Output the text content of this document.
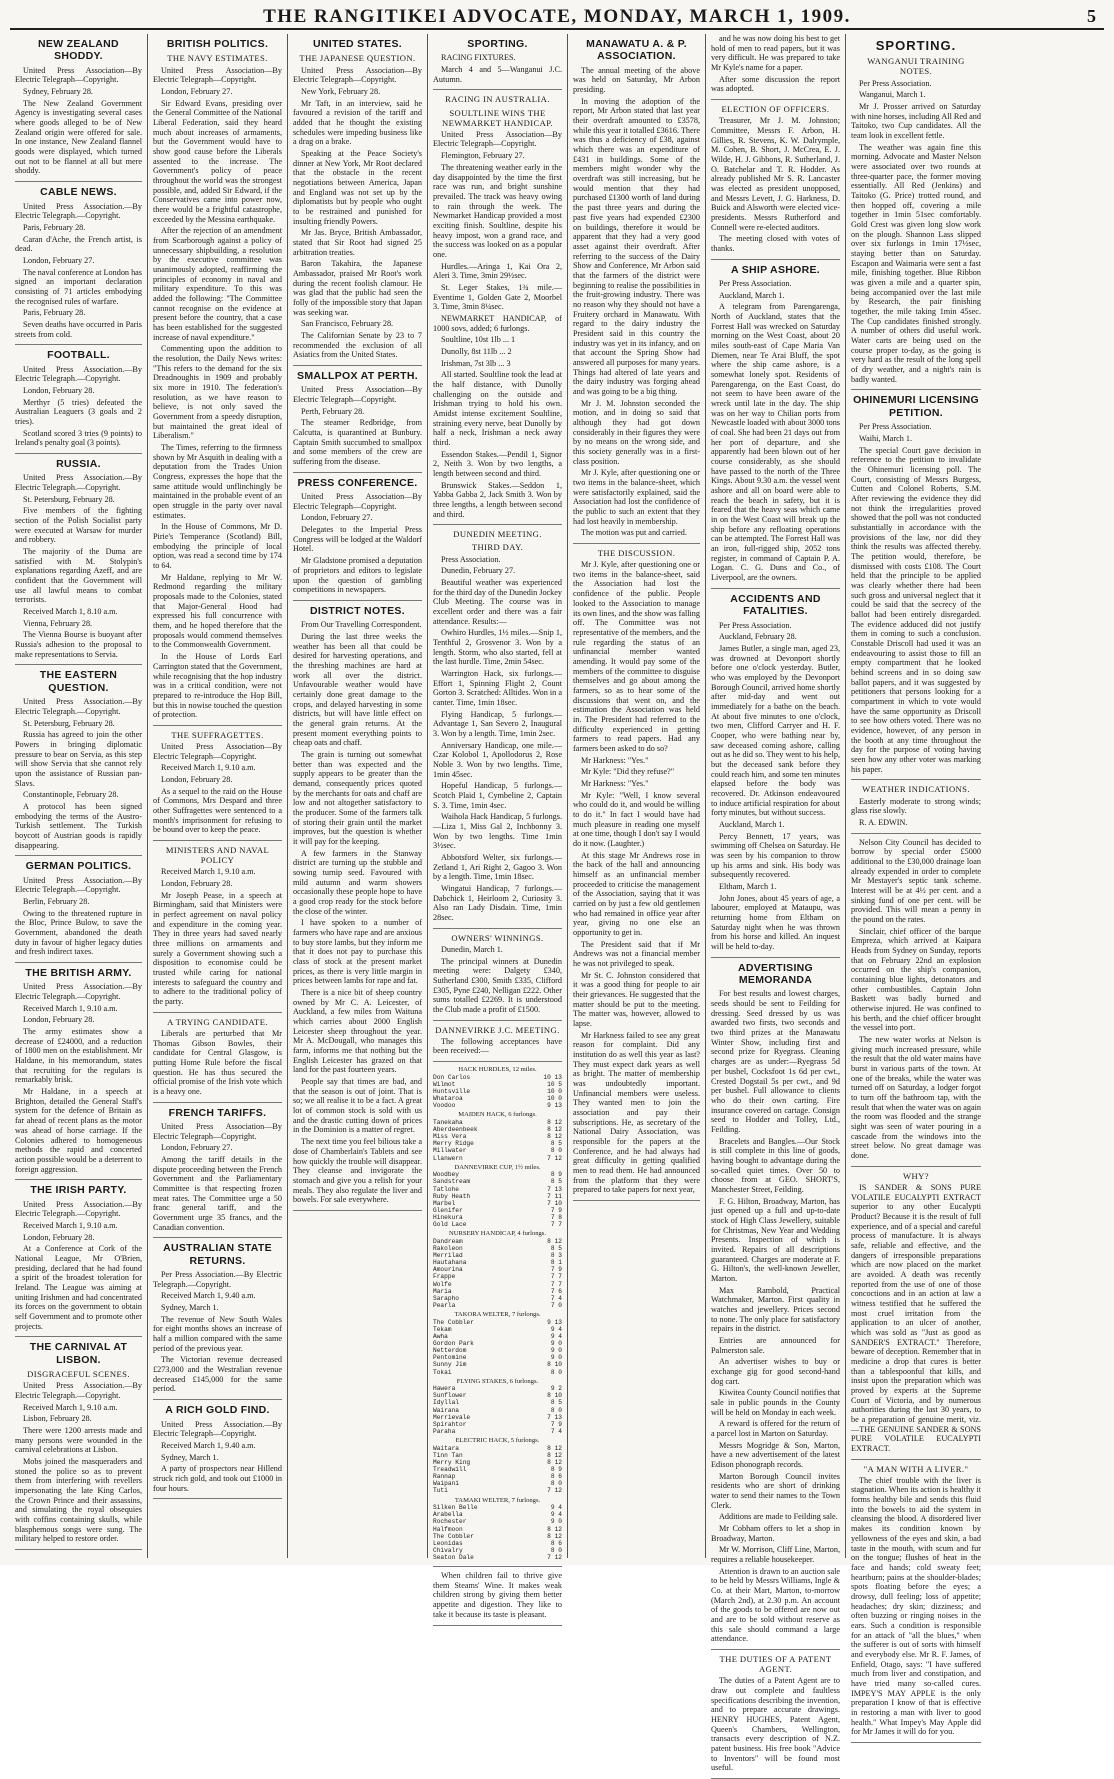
THE RANGITIKEI ADVOCATE, MONDAY, MARCH 1, 1909.	5
NEW ZEALAND SHODDY.

United Press Association—By Electric Telegraph—Copyright.

Sydney, February 28.

The New Zealand Government Agency is investigating several cases where goods alleged to be of New Zealand origin were offered for sale. In one instance, New Zealand flannel goods were displayed, which turned out not to be flannel at all but mere shoddy.

CABLE NEWS.

United Press Association.—By Electric Telegraph.—Copyright.

Paris, February 28.

Caran d'Ache, the French artist, is dead.

London, February 27.

The naval conference at London has signed an important declaration consisting of 71 articles embodying the recognised rules of warfare.

Paris, February 28.

Seven deaths have occurred in Paris streets from cold.

FOOTBALL.

United Press Association.—By Electric Telegraph.—Copyright.

London, February 28.

Merthyr (5 tries) defeated the Australian Leaguers (3 goals and 2 tries).

Scotland scored 3 tries (9 points) to Ireland's penalty goal (3 points).

RUSSIA.

United Press Association.—By Electric Telegraph.—Copyright.

St. Petersburg, February 28.

Five members of the fighting section of the Polish Socialist party were executed at Warsaw for murder and robbery.

The majority of the Duma are satisfied with M. Stolypin's explanations regarding Azeff, and are confident that the Government will use all lawful means to combat terrorists.

Received March 1, 8.10 a.m.

Vienna, February 28.

The Vienna Bourse is buoyant after Russia's adhesion to the proposal to make representations to Servia.

THE EASTERN QUESTION.

United Press Association.—By Electric Telegraph.—Copyright.

St. Petersburg, February 28.

Russia has agreed to join the other Powers in bringing diplomatic pressure to bear on Servia, as this step will show Servia that she cannot rely upon the assistance of Russian pan-Slavs.

Constantinople, February 28.

A protocol has been signed embodying the terms of the Austro-Turkish settlement. The Turkish boycott of Austrian goods is rapidly disappearing.

GERMAN POLITICS.

United Press Association.—By Electric Telegraph.—Copyright.

Berlin, February 28.

Owing to the threatened rupture in the Bloc, Prince Bulow, to save the Government, abandoned the death duty in favour of higher legacy duties and fresh indirect taxes.

THE BRITISH ARMY.

United Press Association.—By Electric Telegraph.—Copyright.

Received March 1, 9.10 a.m.

London, February 28.

The army estimates show a decrease of £24000, and a reduction of 1800 men on the establishment. Mr Haldane, in his memorandum, states that recruiting for the regulars is remarkably brisk.

Mr Haldane, in a speech at Brighton, detailed the General Staff's system for the defence of Britain as far ahead of recent plans as the motor was ahead of horse carriage. If the Colonies adhered to homogeneous methods the rapid and concerted action possible would be a deterrent to foreign aggression.

THE IRISH PARTY.

United Press Association.—By Electric Telegraph.—Copyright.

Received March 1, 9.10 a.m.

London, February 28.

At a Conference at Cork of the National League, Mr O'Brien, presiding, declared that he had found a spirit of the broadest toleration for Ireland. The League was aiming at uniting Irishmen and had concentrated its forces on the government to obtain self Government and to promote other projects.

THE CARNIVAL AT LISBON.
DISGRACEFUL SCENES.

United Press Association.—By Electric Telegraph.—Copyright.

Received March 1, 9.10 a.m.

Lisbon, February 28.

There were 1200 arrests made and many persons were wounded in the carnival celebrations at Lisbon.

Mobs joined the masqueraders and stoned the police so as to prevent them from interfering with revellers impersonating the late King Carlos, the Crown Prince and their assassins, and simulating the royal obsequies with coffins containing skulls, while blasphemous songs were sung. The military helped to restore order.

BRITISH POLITICS.
THE NAVY ESTIMATES.

United Press Association—By Electric Telegraph—Copyright.

London, February 27.

Sir Edward Evans, presiding over the General Committee of the National Liberal Federation, said they heard much about increases of armaments, but the Government would have to show good cause before the Liberals assented to the increase. The Government's policy of peace throughout the world was the strongest possible, and, added Sir Edward, if the Conservatives came into power now, there would be a frightful catastrophe, exceeded by the Messina earthquake.

After the rejection of an amendment from Scarborough against a policy of unnecessary shipbuilding, a resolution by the executive committee was unanimously adopted, reaffirming the principles of economy in naval and military expenditure. To this was added the following: "The Committee cannot recognise on the evidence at present before the country, that a case has been established for the suggested increase of naval expenditure."

Commenting upon the addition to the resolution, the Daily News writes: "This refers to the demand for the six Dreadnoughts in 1909 and probably six more in 1910. The federation's resolution, as we have reason to believe, is not only saved the Government from a speedy disruption, but maintained the great ideal of Liberalism."

The Times, referring to the firmness shown by Mr Asquith in dealing with a deputation from the Trades Union Congress, expresses the hope that the same attitude would unflinchingly be maintained in the probable event of an open struggle in the party over naval estimates.

In the House of Commons, Mr D. Pirie's Temperance (Scotland) Bill, embodying the principle of local option, was read a second time by 174 to 64.

Mr Haldane, replying to Mr W. Redmond regarding the military proposals made to the Colonies, stated that Major-General Hood had expressed his full concurrence with them, and he hoped therefore that the proposals would commend themselves to the Commonwealth Government.

In the House of Lords Earl Carrington stated that the Government, while recognising that the hop industry was in a critical condition, were not prepared to re-introduce the Hop Bill, but this in nowise touched the question of protection.

THE SUFFRAGETTES.

United Press Association—By Electric Telegraph—Copyright.

Received March 1, 9.10 a.m.

London, February 28.

As a sequel to the raid on the House of Commons, Mrs Despard and three other Suffragettes were sentenced to a month's imprisonment for refusing to be bound over to keep the peace.

MINISTERS AND NAVAL POLICY

Received March 1, 9.10 a.m.

London, February 28.

Mr Joseph Pease, in a speech at Birmingham, said that Ministers were in perfect agreement on naval policy and expenditure in the coming year. They in three years had saved nearly three millions on armaments and surely a Government showing such a disposition to economise could be trusted while caring for national interests to safeguard the country and to adhere to the traditional policy of the party.

A TRYING CANDIDATE.

Liberals are perturbed that Mr Thomas Gibson Bowles, their candidate for Central Glasgow, is putting Home Rule before the fiscal question. He has thus secured the official promise of the Irish vote which is a heavy one.

FRENCH TARIFFS.

United Press Association—By Electric Telegraph—Copyright.

London, February 27.

Among the tariff details in the dispute proceeding between the French Government and the Parliamentary Committee is that respecting frozen meat rates. The Committee urge a 50 franc general tariff, and the Government urge 35 francs, and the Canadian convention.

AUSTRALIAN STATE RETURNS.

Per Press Association.—By Electric Telegraph.—Copyright.

Received March 1, 9.40 a.m.

Sydney, March 1.

The revenue of New South Wales for eight months shows an increase of half a million compared with the same period of the previous year.

The Victorian revenue decreased £273,000 and the Westralian revenue decreased £145,000 for the same period.

A RICH GOLD FIND.

United Press Association.—By Electric Telegraph—Copyright.

Received March 1, 9.40 a.m.

Sydney, March 1.

A party of prospectors near Hillend struck rich gold, and took out £1000 in four hours.

UNITED STATES.
THE JAPANESE QUESTION.

United Press Association—By Electric Telegraph—Copyright.

New York, February 28.

Mr Taft, in an interview, said he favoured a revision of the tariff and added that he thought the existing schedules were impeding business like a drag on a brake.

Speaking at the Peace Society's dinner at New York, Mr Root declared that the obstacle in the recent negotiations between America, Japan and England was not set up by the diplomatists but by people who ought to be restrained and punished for insulting friendly Powers.

Mr Jas. Bryce, British Ambassador, stated that Sir Root had signed 25 arbitration treaties.

Baron Takahira, the Japanese Ambassador, praised Mr Root's work during the recent foolish clamour. He was glad that the public had seen the folly of the impossible story that Japan was seeking war.

San Francisco, February 28.

The Californian Senate by 23 to 7 recommended the exclusion of all Asiatics from the United States.

SMALLPOX AT PERTH.

United Press Association—By Electric Telegraph—Copyright.

Perth, February 28.

The steamer Redbridge, from Calcutta, is quarantined at Bunbury. Captain Smith succumbed to smallpox and some members of the crew are suffering from the disease.

PRESS CONFERENCE.

United Press Association—By Electric Telegraph—Copyright.

London, February 27.

Delegates to the Imperial Press Congress will be lodged at the Waldorf Hotel.

Mr Gladstone promised a deputation of proprietors and editors to legislate upon the question of gambling competitions in newspapers.

DISTRICT NOTES.

From Our Travelling Correspondent.

During the last three weeks the weather has been all that could be desired for harvesting operations, and the threshing machines are hard at work all over the district. Unfavourable weather would have certainly done great damage to the crops, and delayed harvesting in some districts, but will have little effect on the general grain returns. At the present moment everything points to cheap oats and chaff.

The grain is turning out somewhat better than was expected and the supply appears to be greater than the demand, consequently prices quoted by the merchants for oats and chaff are low and not altogether satisfactory to the producer. Some of the farmers talk of storing their grain until the market improves, but the question is whether it will pay for the keeping.

A few farmers in the Stanway district are turning up the stubble and sowing turnip seed. Favoured with mild autumn and warm showers occasionally these people hope to have a good crop ready for the stock before the close of the winter.

I have spoken to a number of farmers who have rape and are anxious to buy store lambs, but they inform me that it does not pay to purchase this class of stock at the present market prices, as there is very little margin in prices between lambs for rape and fat.

There is a nice bit of sheep country owned by Mr C. A. Leicester, of Auckland, a few miles from Waituna which carries about 2000 English Leicester sheep throughout the year. Mr A. McDougall, who manages this farm, informs me that nothing but the English Leicester has grazed on that land for the past fourteen years.

People say that times are bad, and that the season is out of joint. That is so; we all realise it to be a fact. A great lot of common stock is sold with us and the drastic cutting down of prices in the Dominion is a matter of regret.

The next time you feel bilious take a dose of Chamberlain's Tablets and see how quickly the trouble will disappear. They cleanse and invigorate the stomach and give you a relish for your meals. They also regulate the liver and bowels. For sale everywhere.

SPORTING.

RACING FIXTURES.

March 4 and 5—Wanganui J.C. Autumn.

RACING IN AUSTRALIA.
SOULTLINE WINS THE NEWMARKET HANDICAP.

United Press Association—By Electric Telegraph—Copyright.

Flemington, February 27.

The threatening weather early in the day disappointed by the time the first race was run, and bright sunshine prevailed. The track was heavy owing to rain through the week. The Newmarket Handicap provided a most exciting finish. Soultline, despite his heavy impost, won a grand race, and the success was looked on as a popular one.

Hurdles.—Aringa 1, Kai Ora 2, Aleri 3. Time, 3min 29½sec.

St. Leger Stakes, 1¾ mile.—Eventime 1, Golden Gate 2, Moorbel 3. Time, 3min 8¼sec.

NEWMARKET HANDICAP, of 1000 sovs, added; 6 furlongs.

Soultline, 10st 1lb ... 1

Dunolly, 8st 11lb ... 2

Irishman, 7st 3lb ... 3

All started. Soultline took the lead at the half distance, with Dunolly challenging on the outside and Irishman trying to hold his own. Amidst intense excitement Soultline, straining every nerve, beat Dunolly by half a neck, Irishman a neck away third.

Essendon Stakes.—Pendil 1, Signor 2, Neith 3. Won by two lengths, a length between second and third.

Brunswick Stakes.—Seddon 1, Yabba Gabba 2, Jack Smith 3. Won by three lengths, a length between second and third.

DUNEDIN MEETING.
THIRD DAY.

Press Association.

Dunedin, February 27.

Beautiful weather was experienced for the third day of the Dunedin Jockey Club Meeting. The course was in excellent order and there was a fair attendance. Results:—

Owhiro Hurdles, 1½ miles.—Snip 1, Tenthful 2, Grosvenor 3. Won by a length. Storm, who also started, fell at the last hurdle. Time, 2min 54sec.

Warrington Hack, six furlongs.—Effort 1, Spinning Flight 2, Count Gorton 3. Scratched: Alltides. Won in a canter. Time, 1min 18sec.

Flying Handicap, 5 furlongs.—Advantage 1, San Severo 2, Inaugural 3. Won by a length. Time, 1min 2sec.

Anniversary Handicap, one mile.—Czar Kolobol 1, Apollodorus 2, Rose Noble 3. Won by two lengths. Time, 1min 45sec.

Hopeful Handicap, 5 furlongs.—Scotch Plaid 1, Cymbeline 2, Captain S. 3. Time, 1min 4sec.

Waihola Hack Handicap, 5 furlongs.—Liza 1, Miss Gal 2, Inchbonny 3. Won by two lengths. Time 1min 3½sec.

Abbotsford Welter, six furlongs.—Zetland 1, Ari Right 2, Gagoo 3. Won by a length. Time, 1min 18sec.

Wingatui Handicap, 7 furlongs.—Dabchick 1, Heirloom 2, Curiosity 3. Also ran Lady Disdain. Time, 1min 28sec.

OWNERS' WINNINGS.

Dunedin, March 1.

The principal winners at Dunedin meeting were: Dalgety £340, Sutherland £300, Smith £335, Clifford £305, Pyne £240, Nelligan £222. Other sums totalled £2269. It is understood the Club made a profit of £1500.

DANNEVIRKE J.C. MEETING.

The following acceptances have been received:—

HACK HURDLES, 12 miles.
Don Carlos	10 13
Wilmot	10 5
Huntsville	10 0
Whataroa	10 0
Voodoo	9 13
MAIDEN HACK, 6 furlongs.
Tanekaha	8 12
Aberdeenbeek	8 12
Miss Vera	8 12
Merry Ridge	8 5
Millwater	8 0
Llanwern	7 12
DANNEVIRKE CUP, 1½ miles.
Woodbey	8 9
Sandstream	8 5
Tatlohe	7 13
Ruby Heath	7 11
Marbel	7 10
Glenifer	7 9
Hinekura	7 8
Gold Lace	7 7
NURSERY HANDICAP, 4 furlongs.
Dandream	8 12
Rakoleon	8 5
Merrilad	8 3
Hautahana	8 1
Amourina	7 9
Frappe	7 7
Wolfe	7 7
Maria	7 6
Sarapho	7 4
Pearla	7 0
TAKORA WELTER, 7 furlongs.
The Cobbler	9 13
Tekam	9 4
Awha	9 4
Gordon Park	9 0
Netterdom	9 0
Pentomine	9 0
Sunny Jim	8 10
Tokai	8 0
FLYING STAKES, 6 furlongs.
Hawera	9 2
Sunflower	8 10
Idyllal	8 5
Wairana	8 0
Merrievale	7 13
Spirahtor	7 9
Paraha	7 4
ELECTRIC HACK, 5 furlongs.
Waitara	8 12
Tinn Tan	8 12
Merry King	8 12
Treadwill	8 9
Rannap	8 6
Waipani	8 0
Tuti	7 12
TAMAKI WELTER, 7 furlongs.
Silken Belle	9 4
Arabella	9 4
Rochester	9 0
Halfmoon	8 12
The Cobbler	8 12
Leonidas	8 6
Chivalry	8 0
Seaton Dale	7 12

When children fail to thrive give them Steams' Wine. It makes weak children strong by giving them better appetite and digestion. They like to take it because its taste is pleasant.

MANAWATU A. & P. ASSOCIATION.

The annual meeting of the above was held on Saturday, Mr Arbon presiding.

In moving the adoption of the report, Mr Arbon stated that last year their overdraft amounted to £3578, while this year it totalled £3616. There was thus a deficiency of £38, against which there was an expenditure of £431 in buildings. Some of the members might wonder why the overdraft was still increasing, but he would mention that they had purchased £1300 worth of land during the past three years and during the past five years had expended £2300 on buildings, therefore it would be apparent that they had a very good asset against their overdraft. After referring to the success of the Dairy Show and Conference, Mr Arbon said that the farmers of the district were beginning to realise the possibilities in the fruit-growing industry. There was no reason why they should not have a Fruitery orchard in Manawatu. With regard to the dairy industry the President said in this country the industry was yet in its infancy, and on that account the Spring Show had answered all purposes for many years. Things had altered of late years and the dairy industry was forging ahead and was going to be a big thing.

Mr J. M. Johnston seconded the motion, and in doing so said that although they had got down considerably in their figures they were by no means on the wrong side, and this society generally was in a first-class position.

Mr J. Kyle, after questioning one or two items in the balance-sheet, which were satisfactorily explained, said the Association had lost the confidence of the public to such an extent that they had lost heavily in membership.

The motion was put and carried.

THE DISCUSSION.

Mr J. Kyle, after questioning one or two items in the balance-sheet, said the Association had lost the confidence of the public. People looked to the Association to manage its own lines, and the show was falling off. The Committee was not representative of the members, and the rule regarding the status of an unfinancial member wanted amending. It would pay some of the members of the committee to disguise themselves and go about among the farmers, so as to hear some of the discussions that went on, and the estimation the Association was held in. The President had referred to the difficulty experienced in getting farmers to read papers. Had any farmers been asked to do so?

Mr Harkness: "Yes."

Mr Kyle: "Did they refuse?"

Mr Harkness: "Yes."

Mr Kyle: "Well, I know several who could do it, and would be willing to do it." In fact I would have had much pleasure in reading one myself at one time, though I don't say I would do it now. (Laughter.)

At this stage Mr Andrews rose in the back of the hall and announcing himself as an unfinancial member proceeded to criticise the management of the Association, saying that it was carried on by just a few old gentlemen who had remained in office year after year, giving no one else an opportunity to get in.

The President said that if Mr Andrews was not a financial member he was not privileged to speak.

Mr St. C. Johnston considered that it was a good thing for people to air their grievances. He suggested that the matter should be put to the meeting. The matter was, however, allowed to lapse.

Mr Harkness failed to see any great reason for complaint. Did any institution do as well this year as last? They must expect dark years as well as bright. The matter of membership was undoubtedly important. Unfinancial members were useless. They wanted men to join the association and pay their subscriptions. He, as secretary of the National Dairy Association, was responsible for the papers at the Conference, and he had always had great difficulty in getting qualified men to read them. He had announced from the platform that they were prepared to take papers for next year,

and he was now doing his best to get hold of men to read papers, but it was very difficult. He was prepared to take Mr Kyle's name for a paper.

After some discussion the report was adopted.

ELECTION OF OFFICERS.

Treasurer, Mr J. M. Johnston; Committee, Messrs F. Arbon, H. Gillies, R. Stevens, K. W. Dalrymple, M. Cohen, B. Short, J. McCrea, E. J. Wilde, H. J. Gibbons, R. Sutherland, J. O. Batchelar and T. R. Hodder. As already published Mr S. R. Lancaster was elected as president unopposed, and Messrs Levett, J. G. Harkness, D. Buick and Alsworth were elected vice-presidents. Messrs Rutherford and Connell were re-elected auditors.

The meeting closed with votes of thanks.

A SHIP ASHORE.

Per Press Association.

Auckland, March 1.

A telegram from Parengarenga, North of Auckland, states that the Forrest Hall was wrecked on Saturday morning on the West Coast, about 20 miles south-east of Cape Maria Van Diemen, near Te Arai Bluff, the spot where the ship came ashore, is a somewhat lonely spot. Residents of Parengarenga, on the East Coast, do not seem to have been aware of the wreck until late in the day. The ship was on her way to Chilian ports from Newcastle loaded with about 3000 tons of coal. She had been 21 days out from her port of departure, and she apparently had been blown out of her course considerably, as she should have passed to the north of the Three Kings. About 9.30 a.m. the vessel went ashore and all on board were able to reach the beach in safety, but it is feared that the heavy seas which came in on the West Coast will break up the ship before any refloating operations can be attempted. The Forrest Hall was an iron, full-rigged ship, 2052 tons register, in command of Captain P. A. Logan. C. G. Duns and Co., of Liverpool, are the owners.

ACCIDENTS AND FATALITIES.

Per Press Association.

Auckland, February 28.

James Butler, a single man, aged 23, was drowned at Devonport shortly before one o'clock yesterday. Butler, who was employed by the Devonport Borough Council, arrived home shortly after mid-day and went out immediately for a bathe on the beach. At about five minutes to one o'clock, two men, Clifford Carryer and H. F. Cooper, who were bathing near by, saw deceased coming ashore, calling out as he did so. They went to his help, but the deceased sank before they could reach him, and some ten minutes elapsed before the body was recovered. Dr. Atkinson endeavoured to induce artificial respiration for about forty minutes, but without success.

Auckland, March 1.

Percy Bennett, 17 years, was swimming off Chelsea on Saturday. He was seen by his companion to throw up his arms and sink. His body was subsequently recovered.

Eltham, March 1.

John Jones, about 45 years of age, a labourer, employed at Mataupu, was returning home from Eltham on Saturday night when he was thrown from his horse and killed. An inquest will be held to-day.

ADVERTISING MEMORANDA

For best results and lowest charges, seeds should be sent to Feilding for dressing. Seed dressed by us was awarded two firsts, two seconds and two third prizes at the Manawatu Winter Show, including first and second prize for Ryegrass. Cleaning charges are as under:—Ryegrass 5d per bushel, Cocksfoot 1s 6d per cwt., Crested Dogstail 5s per cwt., and 9d per bushel. Full allowance to clients who do their own carting. Fire insurance covered on cartage. Consign seed to Hodder and Tolley, Ltd., Feilding.

Bracelets and Bangles.—Our Stock is still complete in this line of goods, having bought to advantage during the so-called quiet times. Over 50 to choose from at GEO. SHORT'S, Manchester Street, Feilding.

F. G. Hilton, Broadway, Marton, has just opened up a full and up-to-date stock of High Class Jewellery, suitable for Christmas, New Year and Wedding Presents. Inspection of which is invited. Repairs of all descriptions guaranteed. Charges are moderate at F. G. Hilton's, the well-known Jeweller, Marton.

Max Rambold, Practical Watchmaker, Marton. First quality in watches and jewellery. Prices second to none. The only place for satisfactory repairs in the district.

Entries are announced for Palmerston sale.

An advertiser wishes to buy or exchange gig for good second-hand dog cart.

Kiwitea County Council notifies that sale in public pounds in the County will be held on Monday in each week.

A reward is offered for the return of a parcel lost in Marton on Saturday.

Messrs Mogridge & Son, Marton, have a new advertisement of the latest Edison phonograph records.

Marton Borough Council invites residents who are short of drinking water to send their names to the Town Clerk.

Additions are made to Feilding sale.

Mr Cobham offers to let a shop in Broadway, Marton.

Mr W. Morrison, Cliff Line, Marton, requires a reliable housekeeper.

Attention is drawn to an auction sale to be held by Messrs Williams, Ingle & Co. at their Mart, Marton, to-morrow (March 2nd), at 2.30 p.m. An account of the goods to be offered are now out and are to be sold without reserve as this sale should command a large attendance.

THE DUTIES OF A PATENT AGENT.

The duties of a Patent Agent are to draw out complete and faultless specifications describing the invention, and to prepare accurate drawings. HENRY HUGHES, Patent Agent, Queen's Chambers, Wellington, transacts every description of N.Z. patent business. His free book "Advice to Inventors" will be found most useful.

SPORTING.
WANGANUI TRAINING NOTES.

Per Press Association.

Wanganui, March 1.

Mr J. Prosser arrived on Saturday with nine horses, including All Red and Taitoko, two Cup candidates. All the team look in excellent fettle.

The weather was again fine this morning. Advocate and Master Nelson were associated over two rounds at three-quarter pace, the former moving essentially. All Red (Jenkins) and Taitoko (G. Price) trotted round, and then hopped off, covering a mile together in 1min 51sec comfortably. Gold Crest was given long slow work on the plough. Shannon Lass slipped over six furlongs in 1min 17½sec, staying better than on Saturday. Escapon and Waimaria were sent a fast mile, finishing together. Blue Ribbon was given a mile and a quarter spin, being accompanied over the last mile by Research, the pair finishing together, the mile taking 1min 45sec. The Cup candidates finished strongly. A number of others did useful work. Water carts are being used on the course proper to-day, as the going is very hard as the result of the long spell of dry weather, and a night's rain is badly wanted.

OHINEMURI LICENSING PETITION.

Per Press Association.

Waihi, March 1.

The special Court gave decision in reference to the petition to invalidate the Ohinemuri licensing poll. The Court, consisting of Messrs Burgess, Cutten and Colonel Roberts, S.M. After reviewing the evidence they did not think the irregularities proved showed that the poll was not conducted substantially in accordance with the provisions of the law, nor did they think the results was affected thereby. The petition would, therefore, be dismissed with costs £108. The Court held that the principle to be applied was clearly whether there had been such gross and universal neglect that it could be said that the secrecy of the ballot had been entirely disregarded. The evidence adduced did not justify them in coming to such a conclusion. Constable Driscoll had used it was an endeavouring to assist those to fill an empty compartment that he looked behind screens and in so doing saw ballot papers, and it was suggested by petitioners that persons looking for a compartment in which to vote would have the same opportunity as Driscoll to see how others voted. There was no evidence, however, of any person in the booth at any time throughout the day for the purpose of voting having seen how any other voter was marking his paper.

WEATHER INDICATIONS.

Easterly moderate to strong winds; glass rise slowly.

R. A. EDWIN.

Nelson City Council has decided to borrow by special order £5000 additional to the £30,000 drainage loan already expended in order to complete Mr Mestayer's septic tank scheme. Interest will be at 4½ per cent. and a sinking fund of one per cent. will be provided. This will mean a penny in the pound on the rates.

Sinclair, chief officer of the barque Empreza, which arrived at Kaipara Heads from Sydney on Sunday, reports that on February 22nd an explosion occurred on the ship's companion, containing blue lights, detonators and other combustibles. Captain John Baskett was badly burned and otherwise injured. He was confined to his berth, and the chief officer brought the vessel into port.

The new water works at Nelson is giving much increased pressure, while the result that the old water mains have burst in various parts of the town. At one of the breaks, while the water was turned off on Saturday, a lodger forgot to turn off the bathroom tap, with the result that when the water was on again the room was flooded and the strange sight was seen of water pouring in a cascade from the windows into the street below. No great damage was done.

WHY?

IS SANDER & SONS PURE VOLATILE EUCALYPTI EXTRACT superior to any other Eucalypti Product? Because it is the result of full experience, and of a special and careful process of manufacture. It is always safe, reliable and effective, and the dangers of irresponsible preparations which are now placed on the market are avoided. A death was recently reported from the use of one of those concoctions and in an action at law a witness testified that he suffered the most cruel irritation from the application to an ulcer of another, which was sold as "Just as good as SANDER'S EXTRACT." Therefore, beware of deception. Remember that in medicine a drop that cures is better than a tablespoonful that kills, and insist upon the preparation which was proved by experts at the Supreme Court of Victoria, and by numerous authorities during the last 30 years, to be a preparation of genuine merit, viz.—THE GENUINE SANDER & SONS PURE VOLATILE EUCALYPTI EXTRACT.

"A MAN WITH A LIVER."

The chief trouble with the liver is stagnation. When its action is healthy it forms healthy bile and sends this fluid into the bowels to aid the system in cleansing the blood. A disordered liver makes its condition known by yellowness of the eyes and skin, a bad taste in the mouth, with scum and fur on the tongue; flushes of heat in the face and hands; cold sweaty feet; heartburn; pains at the shoulder-blades; spots floating before the eyes; a drowsy, dull feeling; loss of appetite; headaches; dry skin; dizziness; and often buzzing or ringing noises in the ears. Such a condition is responsible for an attack of "all the blues," when the sufferer is out of sorts with himself and everybody else. Mr R. F. James, of Enfield, Otago, says: "I have suffered much from liver and constipation, and have tried many so-called cures. IMPEY'S MAY APPLE is the only preparation I know of that is effective in restoring a man with liver to good health." What Impey's May Apple did for Mr James it will do for you.
